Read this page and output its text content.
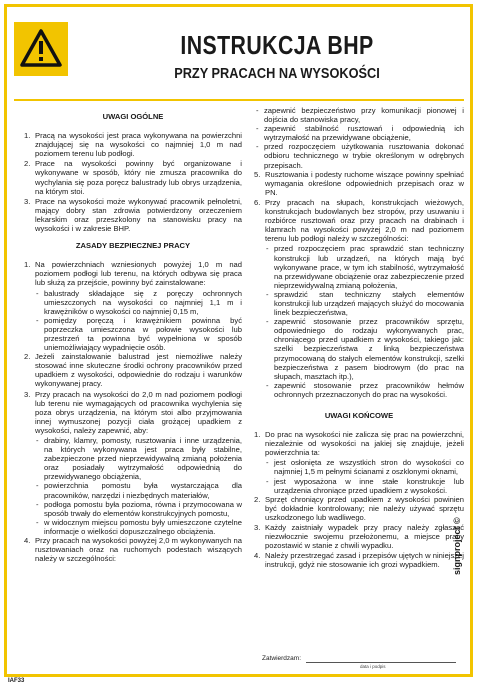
INSTRUKCJA BHP
PRZY PRACACH NA WYSOKOŚCI
UWAGI OGÓLNE
1. Pracą na wysokości jest praca wykonywana na powierzchni znajdującej się na wysokości co najmniej 1,0 m nad poziomem terenu lub podłogi.
2. Prace na wysokości powinny być organizowane i wykonywane w sposób, który nie zmusza pracownika do wychylania się poza poręcz balustrady lub obrys urządzenia, na którym stoi.
3. Prace na wysokości może wykonywać pracownik pełnoletni, mający dobry stan zdrowia potwierdzony orzeczeniem lekarskim oraz przeszkolony na stanowisku pracy na wysokości i w zakresie BHP.
ZASADY BEZPIECZNEJ PRACY
1. Na powierzchniach wzniesionych powyżej 1,0 m nad poziomem podłogi lub terenu, na których odbywa się praca lub służą za przejście, powinny być zainstalowane:
- balustrady składające się z poręczy ochronnych umieszczonych na wysokości co najmniej 1,1 m i krawężników o wysokości co najmniej 0,15 m,
- pomiędzy poręczą i krawężnikiem powinna być poprzeczka umieszczona w połowie wysokości lub przestrzeń ta powinna być wypełniona w sposób uniemożliwiający wypadnięcie osób.
2. Jeżeli zainstalowanie balustrad jest niemożliwe należy stosować inne skuteczne środki ochrony pracowników przed upadkiem z wysokości, odpowiednie do rodzaju i warunków wykonywanej pracy.
3. Przy pracach na wysokości do 2,0 m nad poziomem podłogi lub terenu nie wymagających od pracownika wychylenia się poza obrys urządzenia, na którym stoi albo przyjmowania innej wymuszonej pozycji ciała grożącej upadkiem z wysokości, należy zapewnić, aby:
- drabiny, klamry, pomosty, rusztowania i inne urządzenia, na których wykonywana jest praca były stabilne, zabezpieczone przed nieprzewidywalną zmianą położenia oraz posiadały wytrzymałość odpowiednią do przewidywanego obciążenia,
- powierzchnia pomostu była wystarczająca dla pracowników, narzędzi i niezbędnych materiałów,
- podłoga pomostu była pozioma, równa i przymocowana w sposób trwały do elementów konstrukcyjnych pomostu,
- w widocznym miejscu pomostu były umieszczone czytelne informacje o wielkości dopuszczalnego obciążenia.
4. Przy pracach na wysokości powyżej 2,0 m wykonywanych na rusztowaniach oraz na ruchomych podestach wiszących należy w szczególności:
- zapewnić bezpieczeństwo przy komunikacji pionowej i dojścia do stanowiska pracy,
- zapewnić stabilność rusztowań i odpowiednią ich wytrzymałość na przewidywane obciążenie,
- przed rozpoczęciem użytkowania rusztowania dokonać odbioru technicznego w trybie określonym w odrębnych przepisach.
5. Rusztowania i podesty ruchome wiszące powinny spełniać wymagania określone odpowiednich przepisach oraz w PN.
6. Przy pracach na słupach, konstrukcjach wieżowych, konstrukcjach budowlanych bez stropów, przy usuwaniu i rozbiórce rusztowań oraz przy pracach na drabinach i klamrach na wysokości powyżej 2,0 m nad poziomem terenu lub podłogi należy w szczególności:
- przed rozpoczęciem prac sprawdzić stan techniczny konstrukcji lub urządzeń, na których mają być wykonywane prace, w tym ich stabilność, wytrzymałość na przewidywane obciążenie oraz zabezpieczenie przed nieprzewidywalną zmianą położenia,
- sprawdzić stan techniczny stałych elementów konstrukcji lub urządzeń mających służyć do mocowania linek bezpieczeństwa,
- zapewnić stosowanie przez pracowników sprzętu, odpowiedniego do rodzaju wykonywanych prac, chroniącego przed upadkiem z wysokości, takiego jak: szelki bezpieczeństwa z linką bezpieczeństwa przymocowaną do stałych elementów konstrukcji, szelki bezpieczeństwa z pasem biodrowym (do prac na słupach, masztach itp.),
- zapewnić stosowanie przez pracowników hełmów ochronnych przeznaczonych do prac na wysokości.
UWAGI KOŃCOWE
1. Do prac na wysokości nie zalicza się prac na powierzchni, niezależnie od wysokości na jakiej się znajduje, jeżeli powierzchnia ta:
- jest osłonięta ze wszystkich stron do wysokości co najmniej 1,5 m pełnymi ścianami z oszklonymi oknami,
- jest wyposażona w inne stałe konstrukcje lub urządzenia chroniące przed upadkiem z wysokości.
2. Sprzęt chroniący przed upadkiem z wysokości powinien być dokładnie kontrolowany; nie należy używać sprzętu uszkodzonego lub wadliwego.
3. Każdy zaistniały wypadek przy pracy należy zgłaszać niezwłocznie swojemu przełożonemu, a miejsce pracy pozostawić w stanie z chwili wypadku.
4. Należy przestrzegać zasad i przepisów ujętych w niniejszej instrukcji, gdyż nie stosowanie ich grozi wypadkiem.
Zatwierdzam:
data i podpis
signproject ©
IAF33
